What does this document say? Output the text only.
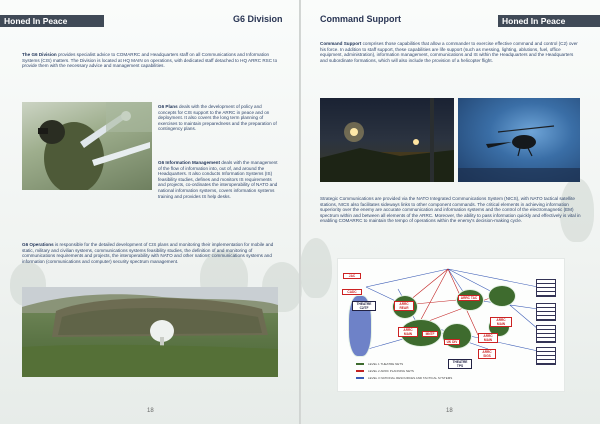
Honed In Peace	G6 Division

The G6 Division provides specialist advice to COMARRC and Headquarters staff on all Communications and Information Systems (CIS) matters. The Division is located at HQ MAIN on operations, with dedicated staff detached to HQ ARRC RSC to provide them with the necessary advice and management capabilities.

G6 Plans deals with the development of policy and concepts for CIS support to the ARRC in peace and on deployment. It also covers the long term planning of exercises to maintain preparedness and the preparation of contingency plans.

G6 Information Management deals with the management of the flow of information into, out of, and around the Headquarters. It also conducts Information Systems (IS) feasibility studies, defines and monitors IS requirements and projects, co-ordinates the interoperability of NATO and national information systems, covers information systems training and provides IS help desks.

G6 Operations is responsible for the detailed development of CIS plans and monitoring their implementation for mobile and static, military and civilian systems, communications systems feasibility studies, the definition of and monitoring of communications requirements and projects, the interoperability with NATO and other nations' communications systems and information (communications and computer) security spectrum management.

18
Command Support	Honed In Peace

Command Support comprises those capabilities that allow a commander to exercise effective command and control (C2) over his force. In addition to staff support, these capabilities are life support (such as messing, lighting, ablutions, fuel, office equipment, administration), information management, communications and IS within the Headquarters and the Headquarters and subordinate formations, which will also include the provision of a helicopter flight.

Strategic Communications are provided via the NATO Integrated Communications System (NICS), with NATO tactical satellite stations, NICS also facilitates sideways links to other component commands. The critical elements in achieving information superiority over the enemy are accurate communication and information systems and the control of the electromagnetic (EM) spectrum within and between all elements of the ARRC. Moreover, the ability to pass information quickly and effectively is vital in enabling COMARRC to maintain the tempo of operations within the enemy's decision-making cycle.

JAC
CADC
THEATRE C2/TF
ARRC REAR
ARRC MAIN
ARRC TAC
ARRC MAIN
UK DIV
MNTF
ARRC MAIN
THEATRE TPS
ARRC SIGS
LEVEL 1 THEATRE NETS
LEVEL 2 ARRC PLANNING NETS
LEVEL 3 NATIONAL RESOURCES AND TACTICAL SYSTEMS
18
